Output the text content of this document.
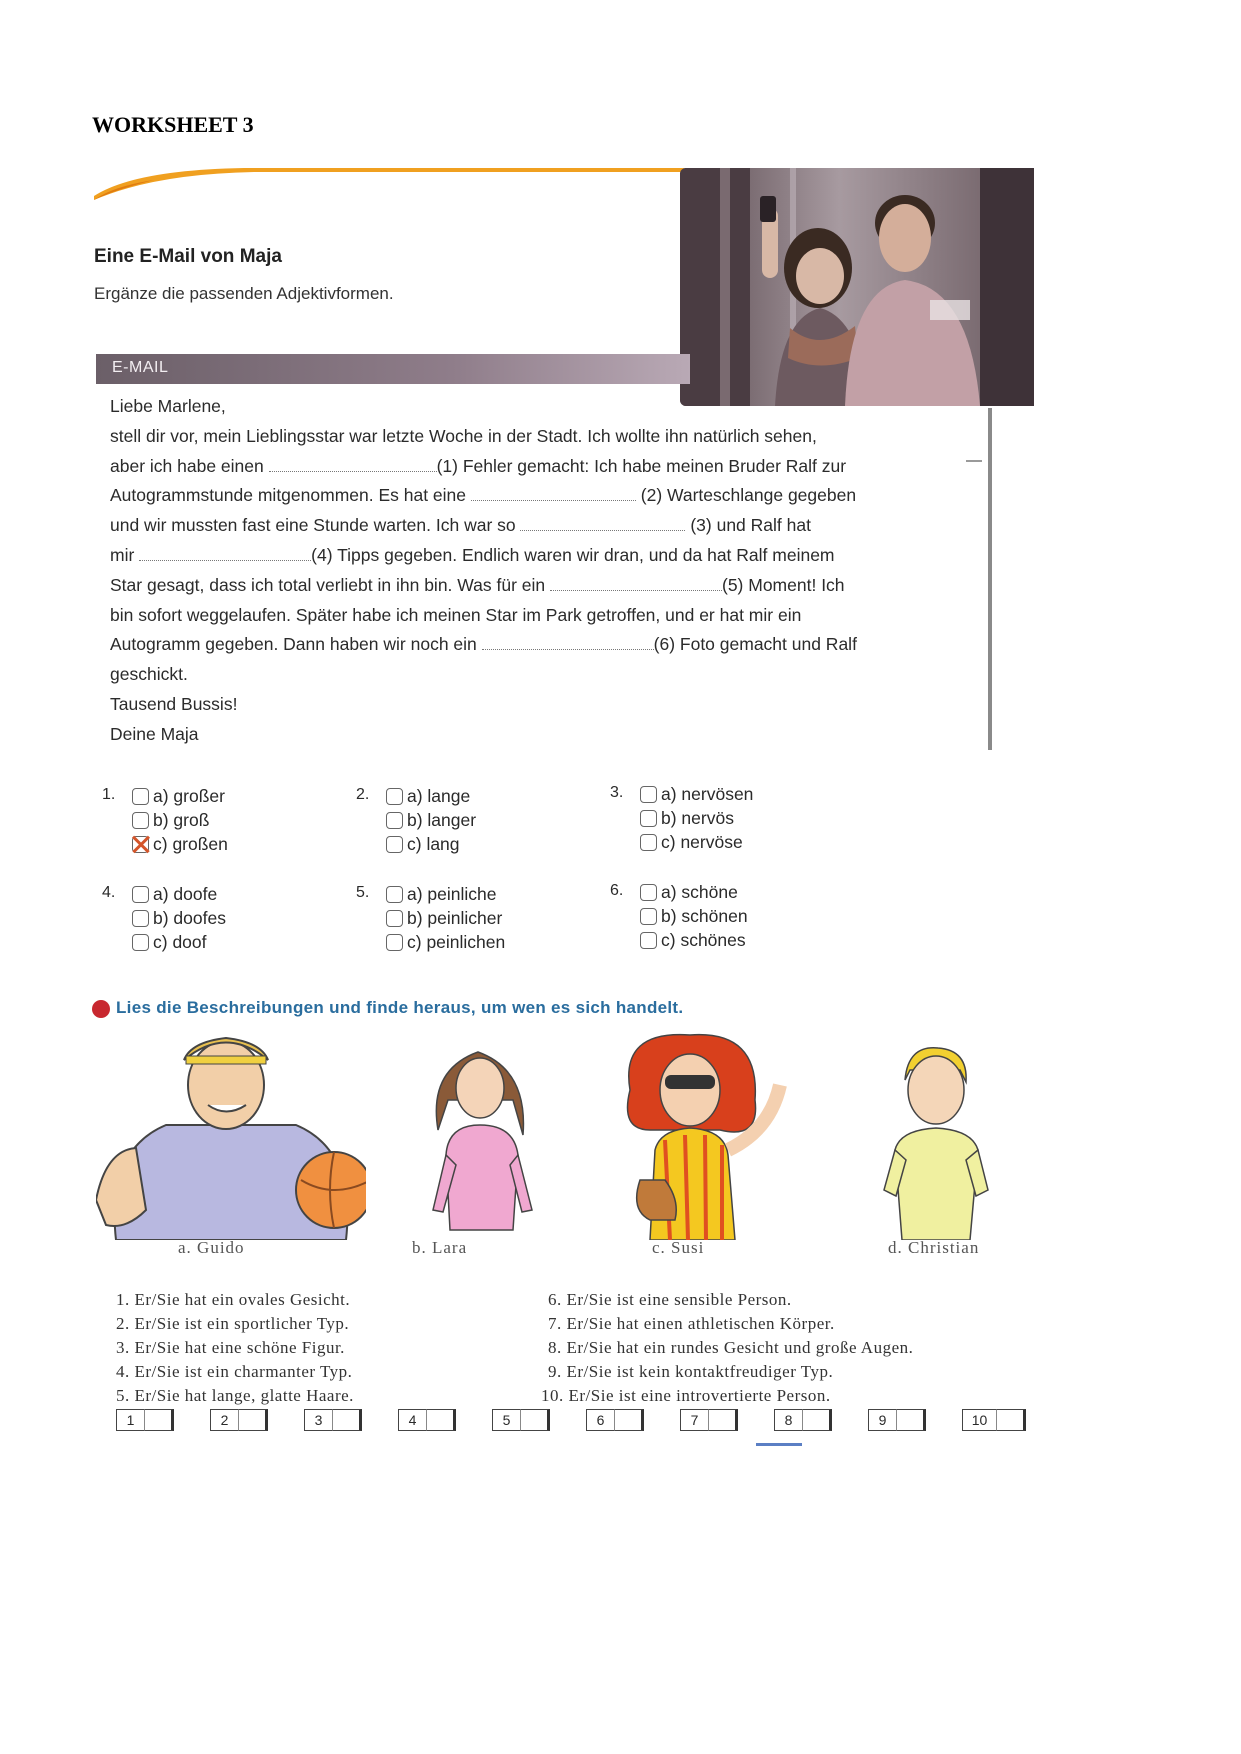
WORKSHEET 3
Eine E-Mail von Maja
Ergänze die passenden Adjektivformen.
E-MAIL
Liebe Marlene,
stell dir vor, mein Lieblingsstar war letzte Woche in der Stadt. Ich wollte ihn natürlich sehen,
aber ich habe einen	(1) Fehler gemacht: Ich habe meinen Bruder Ralf zur
Autogrammstunde mitgenommen. Es hat eine	(2) Warteschlange gegeben
und wir mussten fast eine Stunde warten. Ich war so	(3) und Ralf hat
mir	(4) Tipps gegeben. Endlich waren wir dran, und da hat Ralf meinem
Star gesagt, dass ich total verliebt in ihn bin. Was für ein	(5) Moment! Ich
bin sofort weggelaufen. Später habe ich meinen Star im Park getroffen, und er hat mir ein
Autogramm gegeben. Dann haben wir noch ein	(6) Foto gemacht und Ralf
geschickt.
Tausend Bussis!
Deine Maja
1. a) großer
b) groß
c) großen
2. a) lange
b) langer
c) lang
3. a) nervösen
b) nervös
c) nervöse
4. a) doofe
b) doofes
c) doof
5. a) peinliche
b) peinlicher
c) peinlichen
6. a) schöne
b) schönen
c) schönes
Lies die Beschreibungen und finde heraus, um wen es sich handelt.
a. Guido	b. Lara	c. Susi	d. Christian
1. Er/Sie hat ein ovales Gesicht.
2. Er/Sie ist ein sportlicher Typ.
3. Er/Sie hat eine schöne Figur.
4. Er/Sie ist ein charmanter Typ.
5. Er/Sie hat lange, glatte Haare.
6. Er/Sie ist eine sensible Person.
7. Er/Sie hat einen athletischen Körper.
8. Er/Sie hat ein rundes Gesicht und große Augen.
9. Er/Sie ist kein kontaktfreudiger Typ.
10. Er/Sie ist eine introvertierte Person.
1	2	3	4	5	6	7	8	9	10
